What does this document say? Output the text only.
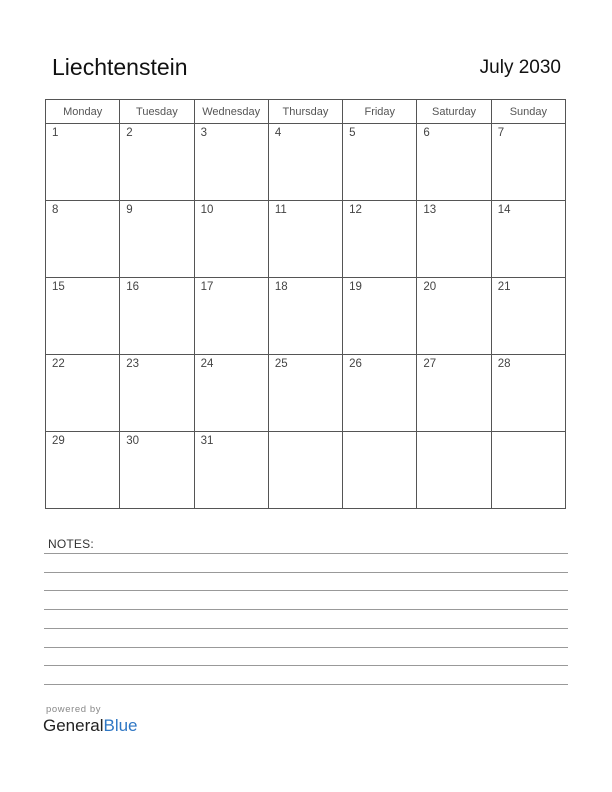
Liechtenstein	July 2030
Monday	Tuesday	Wednesday	Thursday	Friday	Saturday	Sunday

1	2	3	4	5	6	7

8	9	10	11	12	13	14

15	16	17	18	19	20	21

22	23	24	25	26	27	28

29	30	31				

NOTES:
powered by
GeneralBlue
